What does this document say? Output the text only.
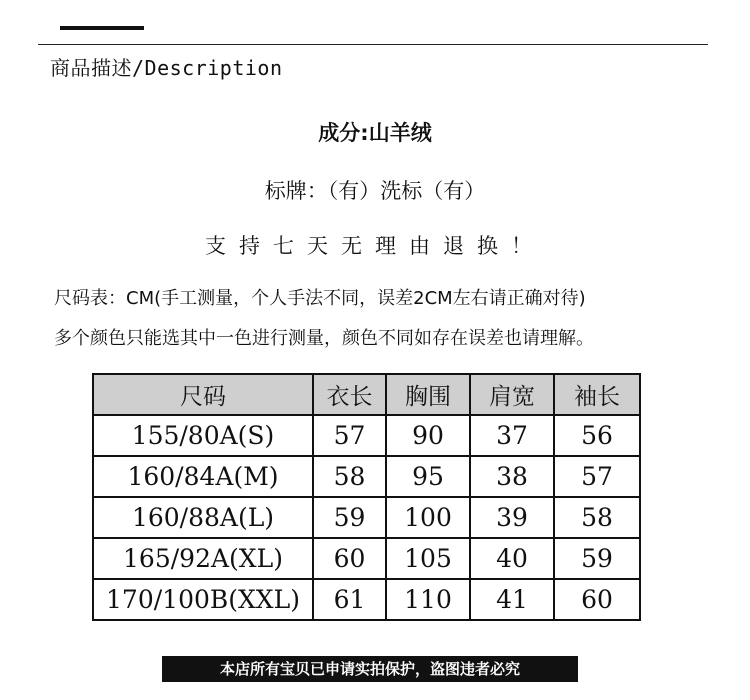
商品描述/Description
成分:山羊绒
标牌：（有）洗标（有）
支持七天无理由退换！
尺码表：CM(手工测量，个人手法不同，误差2CM左右请正确对待)
多个颜色只能选其中一色进行测量，颜色不同如存在误差也请理解。
尺码	衣长	胸围	肩宽	袖长
155/80A(S)	57	90	37	56
160/84A(M)	58	95	38	57
160/88A(L)	59	100	39	58
165/92A(XL)	60	105	40	59
170/100B(XXL)	61	110	41	60
本店所有宝贝已申请实拍保护，盗图违者必究
